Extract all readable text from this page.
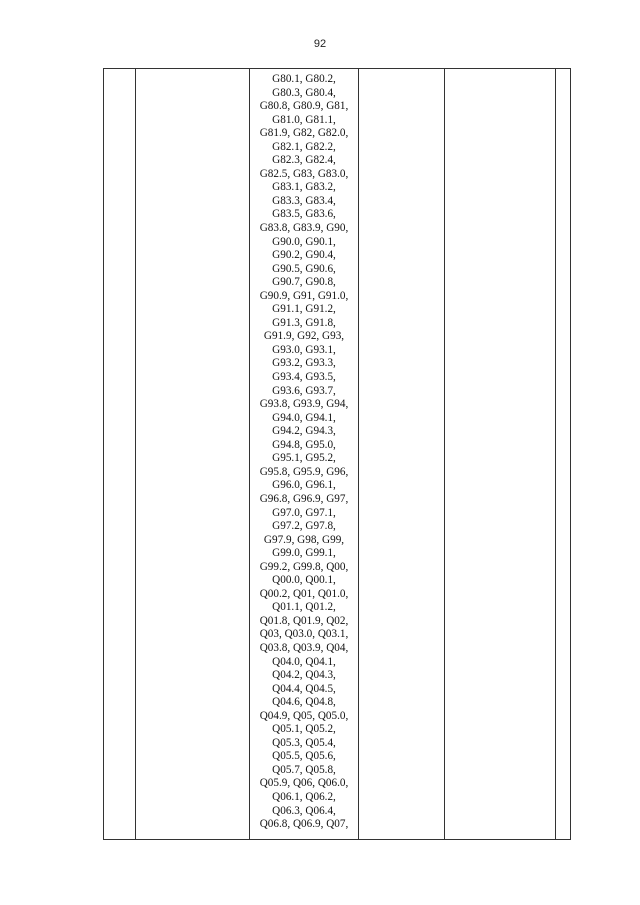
92

G80.1, G80.2,
G80.3, G80.4,
G80.8, G80.9, G81,
G81.0, G81.1,
G81.9, G82, G82.0,
G82.1, G82.2,
G82.3, G82.4,
G82.5, G83, G83.0,
G83.1, G83.2,
G83.3, G83.4,
G83.5, G83.6,
G83.8, G83.9, G90,
G90.0, G90.1,
G90.2, G90.4,
G90.5, G90.6,
G90.7, G90.8,
G90.9, G91, G91.0,
G91.1, G91.2,
G91.3, G91.8,
G91.9, G92, G93,
G93.0, G93.1,
G93.2, G93.3,
G93.4, G93.5,
G93.6, G93.7,
G93.8, G93.9, G94,
G94.0, G94.1,
G94.2, G94.3,
G94.8, G95.0,
G95.1, G95.2,
G95.8, G95.9, G96,
G96.0, G96.1,
G96.8, G96.9, G97,
G97.0, G97.1,
G97.2, G97.8,
G97.9, G98, G99,
G99.0, G99.1,
G99.2, G99.8, Q00,
Q00.0, Q00.1,
Q00.2, Q01, Q01.0,
Q01.1, Q01.2,
Q01.8, Q01.9, Q02,
Q03, Q03.0, Q03.1,
Q03.8, Q03.9, Q04,
Q04.0, Q04.1,
Q04.2, Q04.3,
Q04.4, Q04.5,
Q04.6, Q04.8,
Q04.9, Q05, Q05.0,
Q05.1, Q05.2,
Q05.3, Q05.4,
Q05.5, Q05.6,
Q05.7, Q05.8,
Q05.9, Q06, Q06.0,
Q06.1, Q06.2,
Q06.3, Q06.4,
Q06.8, Q06.9, Q07,
